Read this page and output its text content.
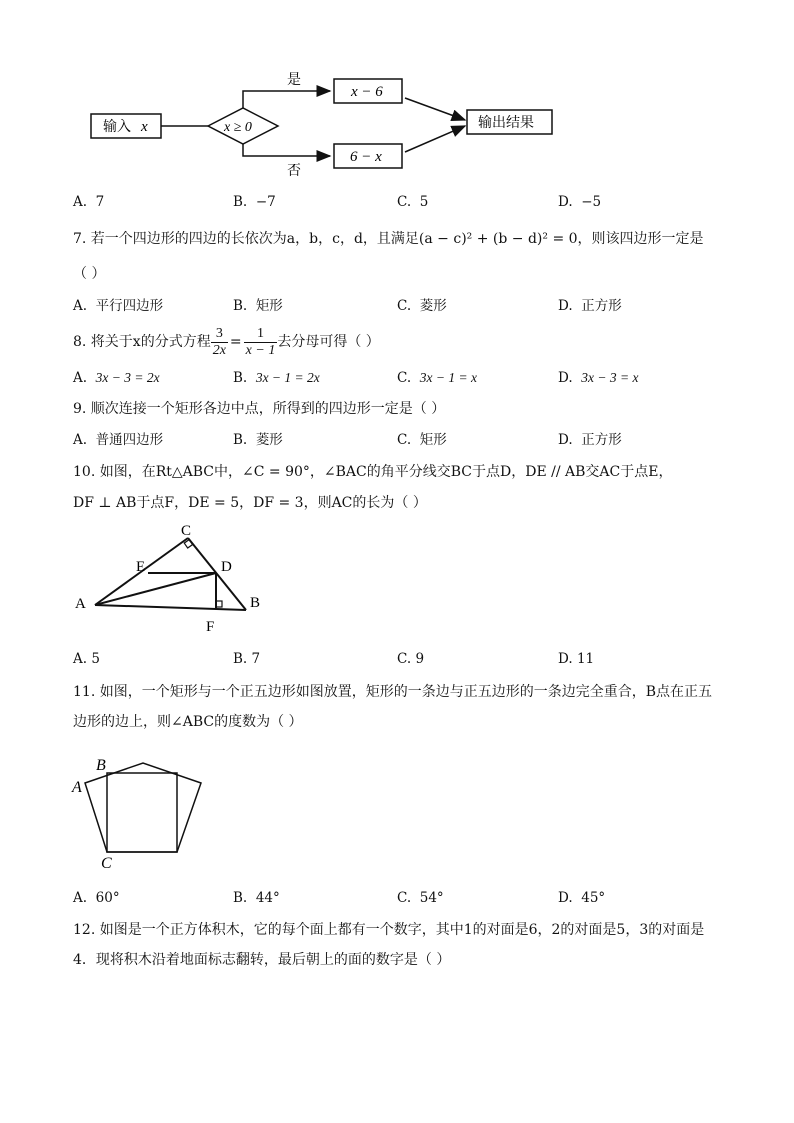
输入 x	x ≥ 0
是
x − 6
否
6 − x
输出结果
A. 7	B. −7	C. 5	D. −5
7. 若一个四边形的四边的长依次为a，b，c，d，且满足(a − c)² + (b − d)² = 0，则该四边形一定是
（ ）
A. 平行四边形	B. 矩形	C. 菱形	D. 正方形
8. 将关于x的分式方程 $\frac{3}{2x} = \frac{1}{x - 1}$ 去分母可得（ ）
A. 3x − 3 = 2x	B. 3x − 1 = 2x	C. 3x − 1 = x	D. 3x − 3 = x
9. 顺次连接一个矩形各边中点，所得到的四边形一定是（ ）
A. 普通四边形	B. 菱形	C. 矩形	D. 正方形
10. 如图，在Rt△ABC中，∠C = 90°，∠BAC的角平分线交BC于点D，DE // AB交AC于点E，
DF ⊥ AB于点F，DE = 5，DF = 3，则AC的长为（ ）
A	B
C
D
E
F
A. 5	B. 7	C. 9	D. 11
11. 如图，一个矩形与一个正五边形如图放置，矩形的一条边与正五边形的一条边完全重合，B点在正五
边形的边上，则∠ABC的度数为（ ）
B
A
C
A. 60°	B. 44°	C. 54°	D. 45°
12. 如图是一个正方体积木，它的每个面上都有一个数字，其中1的对面是6，2的对面是5，3的对面是
4．现将积木沿着地面标志翻转，最后朝上的面的数字是（ ）
